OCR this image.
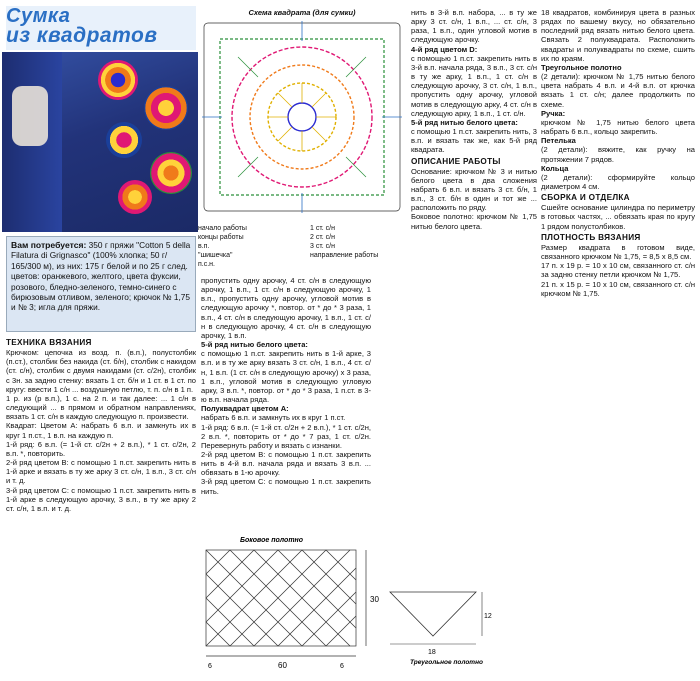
Сумка
из квадратов
Вам потребуется: 350 г пряжи "Cotton 5 della Filatura di Grignasco" (100% хлопка; 50 г/ 165/300 м), из них: 175 г белой и по 25 г след. цветов: оранжевого, желтого, цвета фуксии, розового, бледно-зеленого, темно-синего с бирюзовым отливом, зеленого; крючок № 1,75 и № 3; игла для пряжи.

ТЕХНИКА ВЯЗАНИЯ

Крючком: цепочка из возд. п. (в.п.), полустолбик (п.ст.), столбик без накида (ст. б/н), столбик с накидом (ст. с/н), столбик с двумя накидами (ст. с/2н), столбик с 3н. за задню стенку: вязать 1 ст. б/н и 1 ст. в 1 ст. по кругу: ввести 1 с/н ... воздушную петлю, т. п. с/н в 1 п.

1 р. из (р в.п.), 1 с. на 2 п. и так далее: ... 1 с/н в следующий ... в прямом и обратном направлениях, вязать 1 ст. с/н в каждую следующую п. произвести.

Квадрат: Цветом А: набрать 6 в.п. и замкнуть их в круг 1 п.ст., 1 в.п. на каждую п.

1-й ряд: 6 в.п. (= 1-й ст. с/2н + 2 в.п.), * 1 ст. с/2н, 2 в.п. *, повторить.

2-й ряд цветом В: с помощью 1 п.ст. закрепить нить в 1-й арке и вязать в ту же арку 3 ст. с/н, 1 в.п., 3 ст. с/н и т. д.

3-й ряд цветом С: с помощью 1 п.ст. закрепить нить в 1-й арке в следующую арочку, 3 в.п., в ту же арку 2 ст. с/н, 1 в.п. и т. д.

Схема квадрата (для сумки)
начало работы
концы работы
в.п.
"шишечка"
п.с.н.
1 ст. с/н
2 ст. с/н
3 ст. с/н
направление работы

пропустить одну арочку, 4 ст. с/н в следующую арочку, 1 в.п., 1 ст. с/н в следующую арочку, 1 в.п., пропустить одну арочку, угловой мотив в следующую арочку *, повтор. от * до * 3 раза, 1 в.п., 4 ст. с/н в следующую арочку, 1 в.п., 1 ст. с/н в следующую арочку, 4 ст. с/н в следующую арочку, 1 в.п.

5-й ряд нитью белого цвета:

с помощью 1 п.ст. закрепить нить в 1-й арке, 3 в.п. и в ту же арку вязать 3 ст. с/н, 1 в.п., 4 ст. с/н, 1 в.п. (1 ст. с/н в следующую арочку) х 3 раза, 1 в.п., угловой мотив в следующую угловую арку, 3 в.п. *, повтор. от * до * 3 раза, 1 п.ст. в 3-ю в.п. начала ряда.

Полуквадрат цветом А:

набрать 6 в.п. и замкнуть их в круг 1 п.ст.

1-й ряд: 6 в.п. (= 1-й ст. с/2н + 2 в.п.), * 1 ст. с/2н, 2 в.п. *, повторить от * до * 7 раз, 1 ст. с/2н. Перевернуть работу и вязать с изнанки.

2-й ряд цветом В: с помощью 1 п.ст. закрепить нить в 4-й в.п. начала ряда и вязать 3 в.п. ... обвязать в 1-ю арочку.

3-й ряд цветом С: с помощью 1 п.ст. закрепить нить.

Боковое полотно
60
6	6
30
12
18
Треугольное полотно

нить в 3-й в.п. набора, ... в ту же арку 3 ст. с/н, 1 в.п., ... ст. с/н, 3 раза, 1 в.п., один угловой мотив в следующую арочку.

4-й ряд цветом D:

с помощью 1 п.ст. закрепить нить в 3-й в.п. начала ряда, 3 в.п., 3 ст. с/н в ту же арку, 1 в.п., 1 ст. с/н в следующую арочку, 3 ст. с/н, 1 в.п., пропустить одну арочку, угловой мотив в следующую арку, 4 ст. с/н в следующую арку, 1 в.п., 1 ст. с/н.

5-й ряд нитью белого цвета:

с помощью 1 п.ст. закрепить нить, 3 в.п. и вязать так же, как 5-й ряд квадрата.

ОПИСАНИЕ РАБОТЫ

Основание: крючком № 3 и нитью белого цвета в два сложения набрать 6 в.п. и вязать 3 ст. б/н, 1 в.п., 3 ст. б/н в один и тот же ... расположить по ряду.

Боковое полотно: крючком № 1,75 нитью белого цвета.

18 квадратов, комбинируя цвета в разных рядах по вашему вкусу, но обязательно последний ряд вязать нитью белого цвета. Связать 2 полуквадрата. Расположить квадраты и полуквадраты по схеме, сшить их по краям.

Треугольное полотно

(2 детали): крючком № 1,75 нитью белого цвета набрать 4 в.п. и 4-й в.п. от крючка вязать 1 ст. с/н; далее продолжить по схеме.

Ручка:

крючком № 1,75 нитью белого цвета набрать 6 в.п., кольцо закрепить.

Петелька

(2 детали): вяжите, как ручку на протяжении 7 рядов.

Кольца

(2 детали): сформируйте кольцо диаметром 4 см.

СБОРКА И ОТДЕЛКА

Сшейте основание цилиндра по периметру в готовых частях, ... обвязать края по кругу 1 рядом полустолбиков.

ПЛОТНОСТЬ ВЯЗАНИЯ

Размер квадрата в готовом виде, связанного крючком № 1,75, = 8,5 х 8,5 см.

17 п. х 19 р. = 10 х 10 см, связанного ст. с/н за задню стенку петли крючком № 1,75.

21 п. х 15 р. = 10 х 10 см, связанного ст. с/н крючком № 1,75.
